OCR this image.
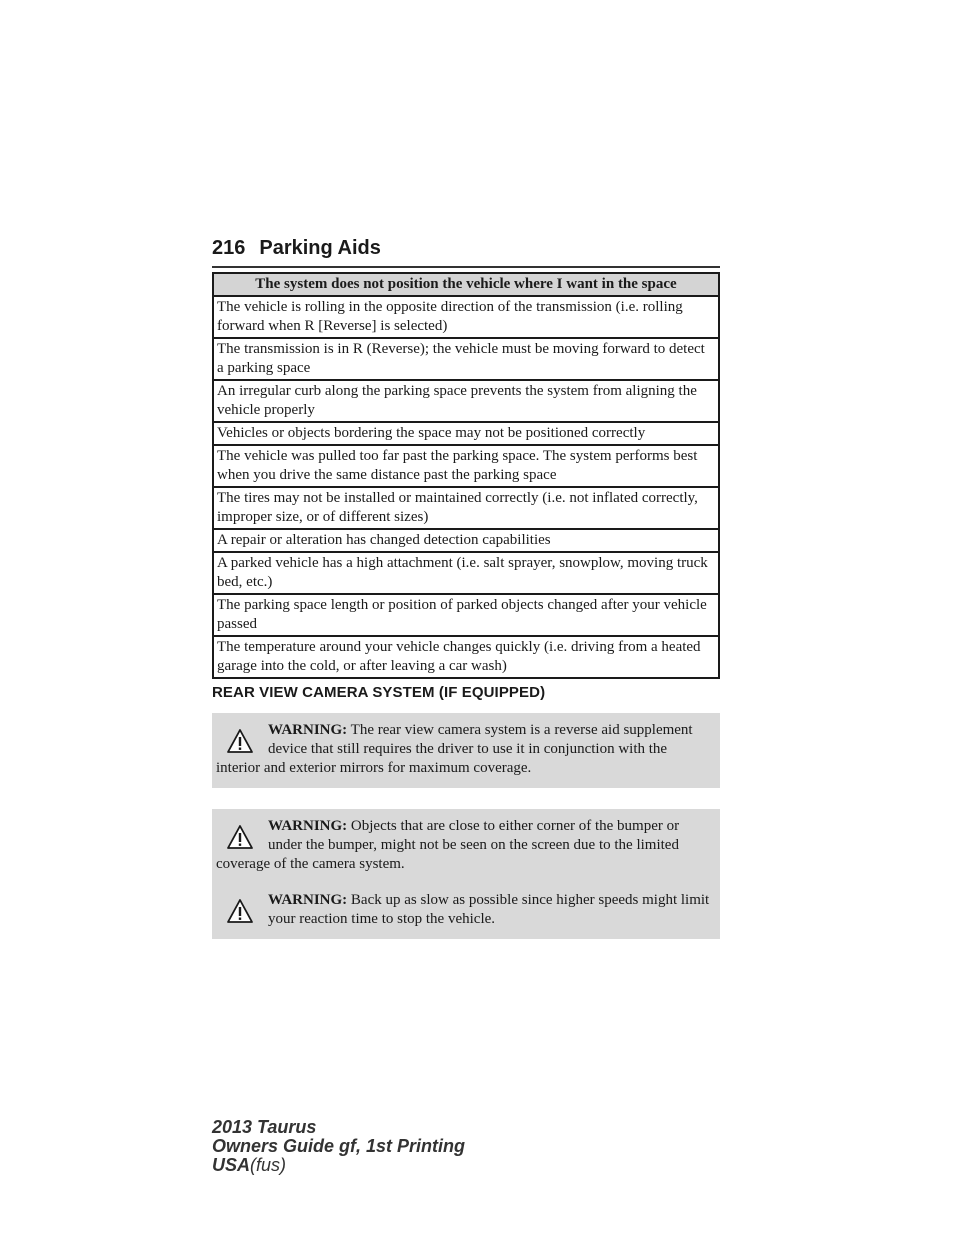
216 Parking Aids
The system does not position the vehicle where I want in the space
The vehicle is rolling in the opposite direction of the transmission (i.e. rolling forward when R [Reverse] is selected)
The transmission is in R (Reverse); the vehicle must be moving forward to detect a parking space
An irregular curb along the parking space prevents the system from aligning the vehicle properly
Vehicles or objects bordering the space may not be positioned correctly
The vehicle was pulled too far past the parking space. The system performs best when you drive the same distance past the parking space
The tires may not be installed or maintained correctly (i.e. not inflated correctly, improper size, or of different sizes)
A repair or alteration has changed detection capabilities
A parked vehicle has a high attachment (i.e. salt sprayer, snowplow, moving truck bed, etc.)
The parking space length or position of parked objects changed after your vehicle passed
The temperature around your vehicle changes quickly (i.e. driving from a heated garage into the cold, or after leaving a car wash)
REAR VIEW CAMERA SYSTEM (IF EQUIPPED)
WARNING: The rear view camera system is a reverse aid supplement device that still requires the driver to use it in conjunction with the interior and exterior mirrors for maximum coverage.
WARNING: Objects that are close to either corner of the bumper or under the bumper, might not be seen on the screen due to the limited coverage of the camera system.
WARNING: Back up as slow as possible since higher speeds might limit your reaction time to stop the vehicle.
2013 Taurus
Owners Guide gf, 1st Printing
USA(fus)
